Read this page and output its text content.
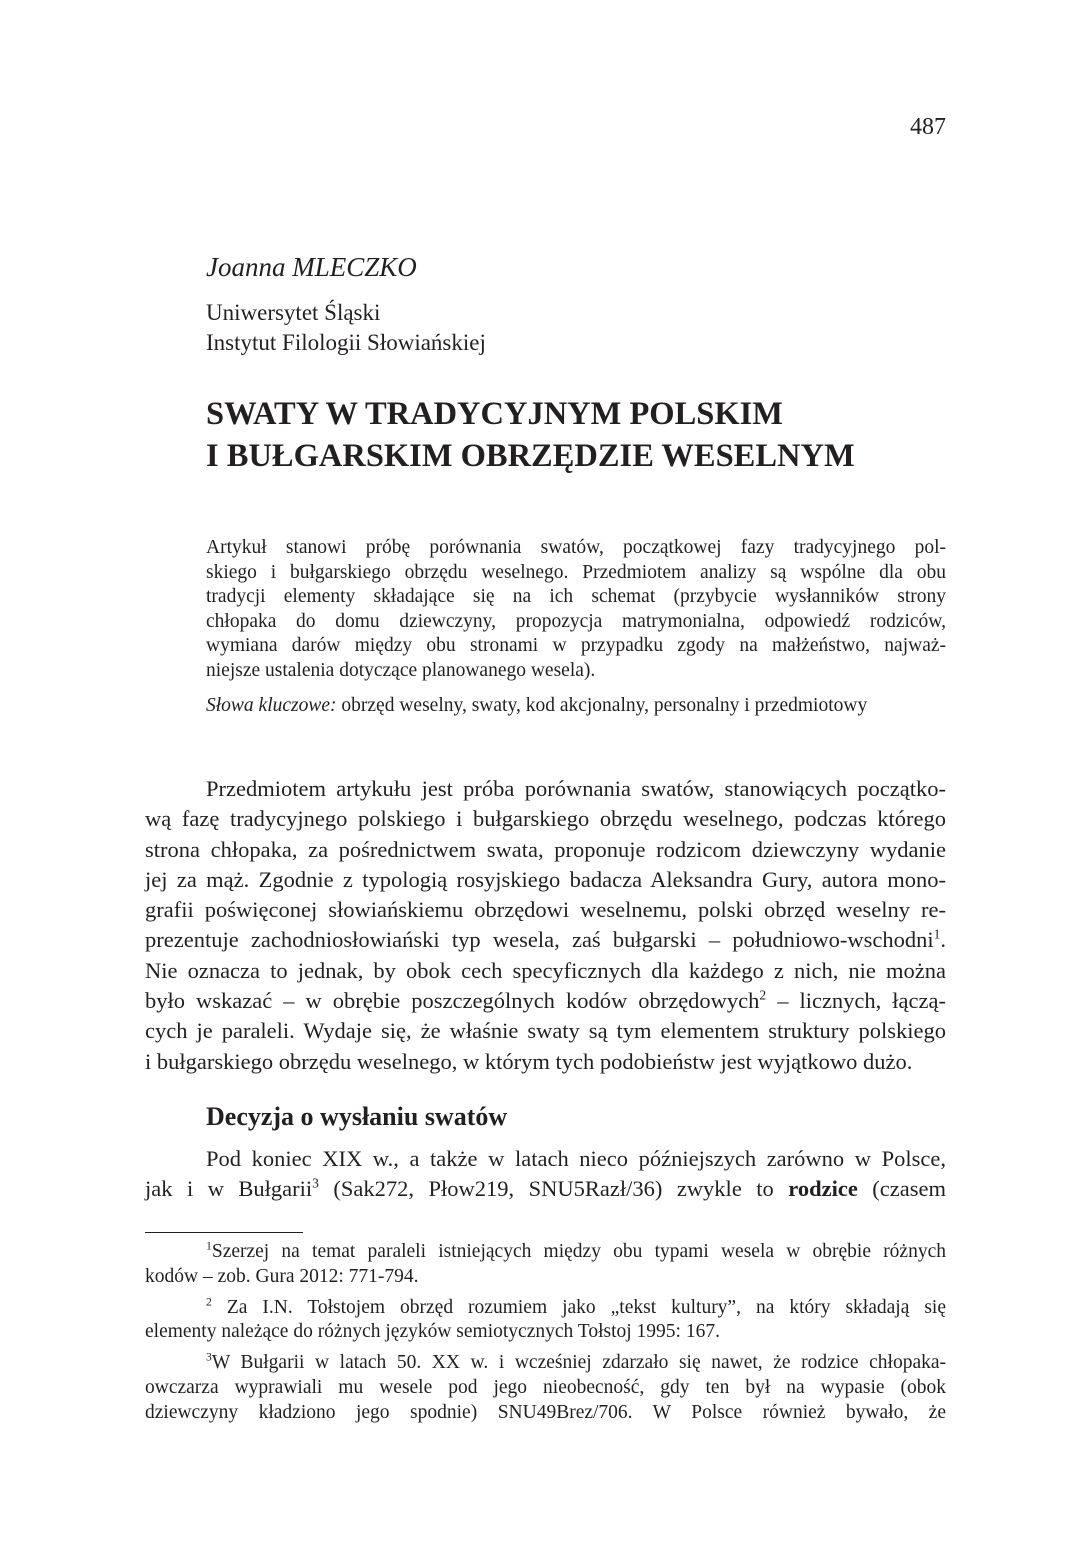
487
Joanna MLECZKO
Uniwersytet Śląski
Instytut Filologii Słowiańskiej
SWATY W TRADYCYJNYM POLSKIM
I BUŁGARSKIM OBRZĘDZIE WESELNYM

Artykuł stanowi próbę porównania swatów, początkowej fazy tradycyjnego pol-

skiego i bułgarskiego obrzędu weselnego. Przedmiotem analizy są wspólne dla obu

tradycji elementy składające się na ich schemat (przybycie wysłanników strony

chłopaka do domu dziewczyny, propozycja matrymonialna, odpowiedź rodziców,

wymiana darów między obu stronami w przypadku zgody na małżeństwo, najważ-

niejsze ustalenia dotyczące planowanego wesela).

Słowa kluczowe: obrzęd weselny, swaty, kod akcjonalny, personalny i przedmiotowy

Przedmiotem artykułu jest próba porównania swatów, stanowiących początko-
wą fazę tradycyjnego polskiego i bułgarskiego obrzędu weselnego, podczas którego
strona chłopaka, za pośrednictwem swata, proponuje rodzicom dziewczyny wydanie
jej za mąż. Zgodnie z typologią rosyjskiego badacza Aleksandra Gury, autora mono-
grafii poświęconej słowiańskiemu obrzędowi weselnemu, polski obrzęd weselny re-
prezentuje zachodniosłowiański typ wesela, zaś bułgarski – południowo-wschodni$^1$.
Nie oznacza to jednak, by obok cech specyficznych dla każdego z nich, nie można
było wskazać – w obrębie poszczególnych kodów obrzędowych$^2$ – licznych, łączą-
cych je paraleli. Wydaje się, że właśnie swaty są tym elementem struktury polskiego
i bułgarskiego obrzędu weselnego, w którym tych podobieństw jest wyjątkowo dużo.
Decyzja o wysłaniu swatów
Pod koniec XIX w., a także w latach nieco późniejszych zarówno w Polsce,
jak i w Bułgarii$^3$ (Sak272, Płow219, SNU5Razł/36) zwykle to rodzice (czasem
$^1$Szerzej na temat paraleli istniejących między obu typami wesela w obrębie różnych
kodów – zob. Gura 2012: 771-794.
$^2$ Za I.N. Tołstojem obrzęd rozumiem jako „tekst kultury”, na który składają się
elementy należące do różnych języków semiotycznych Tołstoj 1995: 167.
$^3$W Bułgarii w latach 50. XX w. i wcześniej zdarzało się nawet, że rodzice chłopaka-
owczarza wyprawiali mu wesele pod jego nieobecność, gdy ten był na wypasie (obok
dziewczyny kładziono jego spodnie) SNU49Brez/706. W Polsce również bywało, że
